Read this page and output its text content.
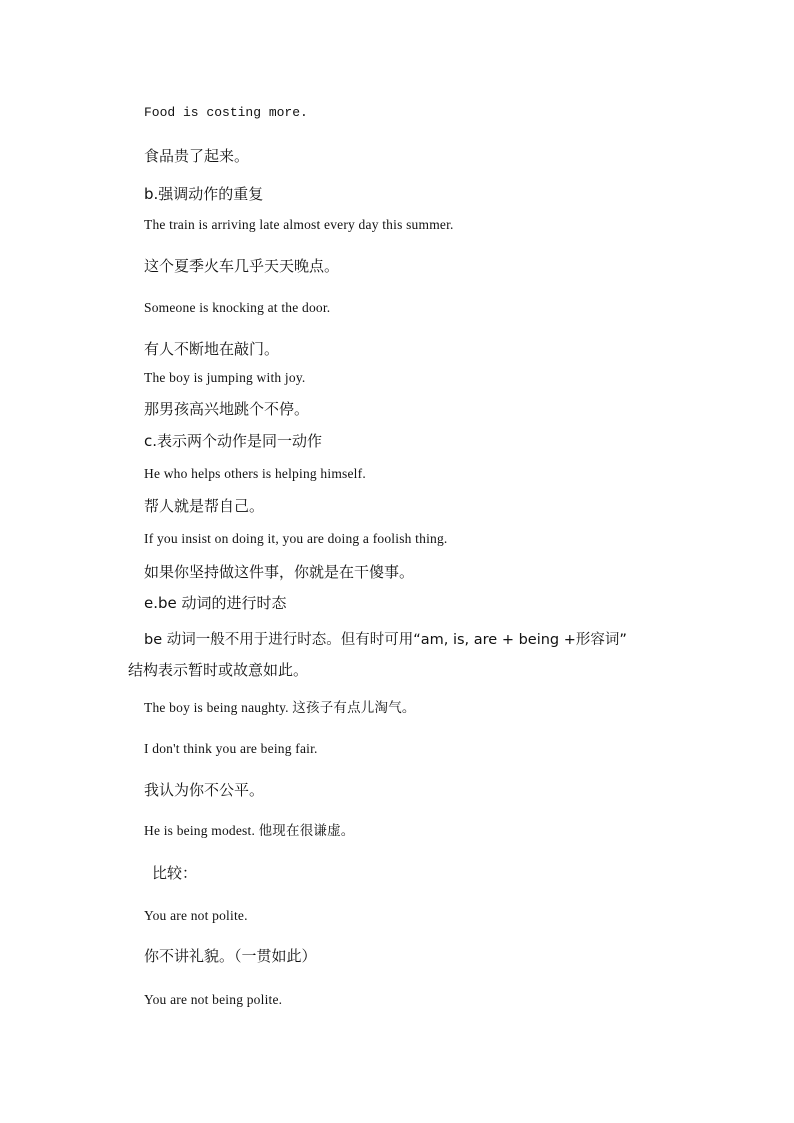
Food is costing more.
食品贵了起来。
b.强调动作的重复
The train is arriving late almost every day this summer.
这个夏季火车几乎天天晚点。
Someone is knocking at the door.
有人不断地在敲门。
The boy is jumping with joy.
那男孩高兴地跳个不停。
c.表示两个动作是同一动作
He who helps others is helping himself.
帮人就是帮自己。
If you insist on doing it, you are doing a foolish thing.
如果你坚持做这件事，你就是在干傻事。
e.be 动词的进行时态
be 动词一般不用于进行时态。但有时可用“am, is, are + being +形容词”
结构表示暂时或故意如此。
The boy is being naughty. 这孩子有点儿淘气。
I don't think you are being fair.
我认为你不公平。
He is being modest. 他现在很谦虚。
比较：
You are not polite.
你不讲礼貌。（一贯如此）
You are not being polite.
